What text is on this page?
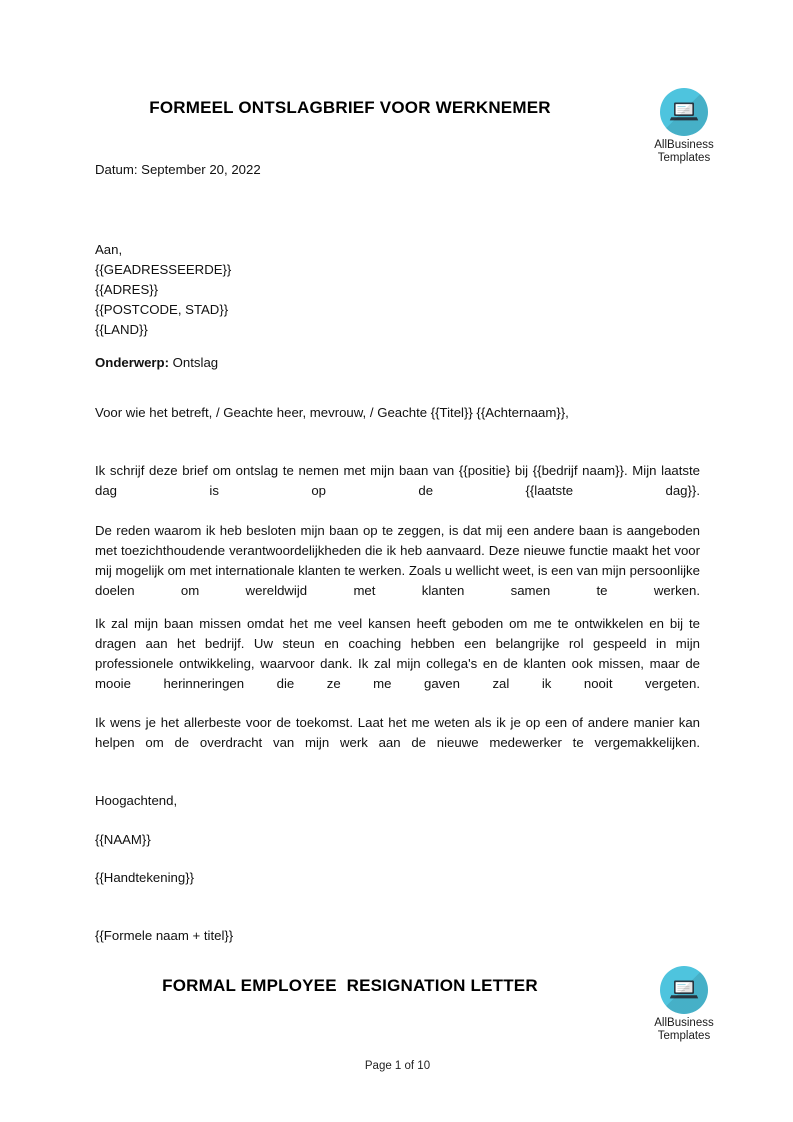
FORMEEL ONTSLAGBRIEF VOOR WERKNEMER
AllBusiness
Templates
Datum: September 20, 2022
Aan,
{{GEADRESSEERDE}}
{{ADRES}}
{{POSTCODE, STAD}}
{{LAND}}
Onderwerp: Ontslag
Voor wie het betreft, / Geachte heer, mevrouw, / Geachte {{Titel}} {{Achternaam}},

Ik schrijf deze brief om ontslag te nemen met mijn baan van {{positie} bij {{bedrijf naam}}. Mijn laatste dag is op de {{laatste dag}}.

De reden waarom ik heb besloten mijn baan op te zeggen, is dat mij een andere baan is aangeboden met toezichthoudende verantwoordelijkheden die ik heb aanvaard. Deze nieuwe functie maakt het voor mij mogelijk om met internationale klanten te werken. Zoals u wellicht weet, is een van mijn persoonlijke doelen om wereldwijd met klanten samen te werken.

Ik zal mijn baan missen omdat het me veel kansen heeft geboden om me te ontwikkelen en bij te dragen aan het bedrijf. Uw steun en coaching hebben een belangrijke rol gespeeld in mijn professionele ontwikkeling, waarvoor dank. Ik zal mijn collega's en de klanten ook missen, maar de mooie herinneringen die ze me gaven zal ik nooit vergeten.

Ik wens je het allerbeste voor de toekomst. Laat het me weten als ik je op een of andere manier kan helpen om de overdracht van mijn werk aan de nieuwe medewerker te vergemakkelijken.

Hoogachtend,
{{NAAM}}
{{Handtekening}}
{{Formele naam + titel}}
FORMAL EMPLOYEE  RESIGNATION LETTER
AllBusiness
Templates
Page 1 of 10
